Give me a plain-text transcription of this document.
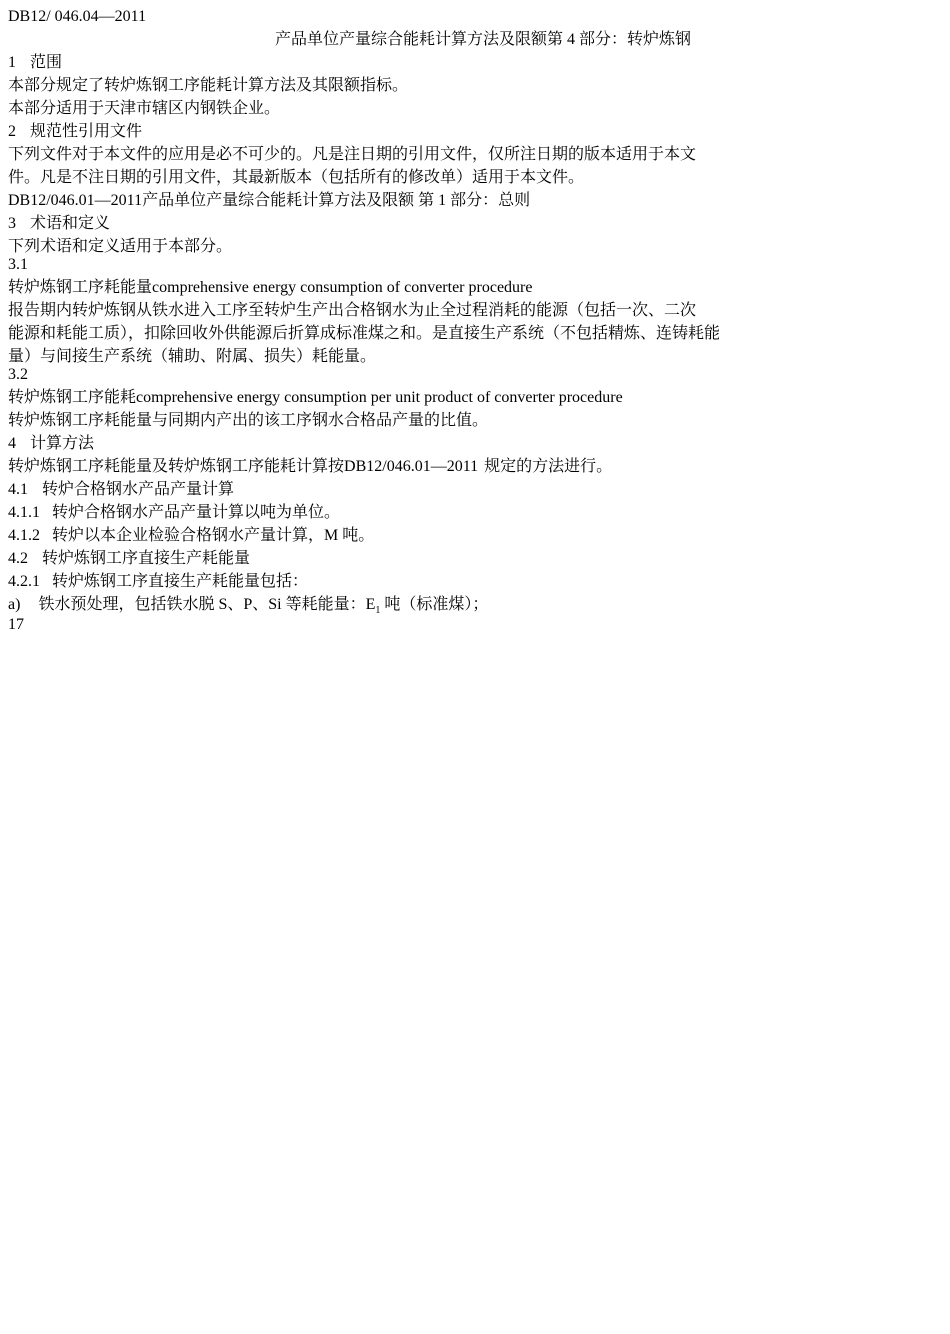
DB12/ 046.04—2011
产品单位产量综合能耗计算方法及限额第 4 部分：转炉炼钢
1 范围
本部分规定了转炉炼钢工序能耗计算方法及其限额指标。
本部分适用于天津市辖区内钢铁企业。
2 规范性引用文件
下列文件对于本文件的应用是必不可少的。凡是注日期的引用文件，仅所注日期的版本适用于本文
件。凡是不注日期的引用文件，其最新版本（包括所有的修改单）适用于本文件。
DB12/046.01—2011产品单位产量综合能耗计算方法及限额 第 1 部分：总则
3 术语和定义
下列术语和定义适用于本部分。
3.1
转炉炼钢工序耗能量comprehensive energy consumption of converter procedure
报告期内转炉炼钢从铁水进入工序至转炉生产出合格钢水为止全过程消耗的能源（包括一次、二次
能源和耗能工质），扣除回收外供能源后折算成标准煤之和。是直接生产系统（不包括精炼、连铸耗能
量）与间接生产系统（辅助、附属、损失）耗能量。
3.2
转炉炼钢工序能耗comprehensive energy consumption per unit product of converter procedure
转炉炼钢工序耗能量与同期内产出的该工序钢水合格品产量的比值。
4 计算方法
转炉炼钢工序耗能量及转炉炼钢工序能耗计算按DB12/046.01—2011 规定的方法进行。
4.1 转炉合格钢水产品产量计算
4.1.1 转炉合格钢水产品产量计算以吨为单位。
4.1.2 转炉以本企业检验合格钢水产量计算，M 吨。
4.2 转炉炼钢工序直接生产耗能量
4.2.1 转炉炼钢工序直接生产耗能量包括：
a) 铁水预处理，包括铁水脱 S、P、Si 等耗能量：$E_1$ 吨（标准煤）；
17
